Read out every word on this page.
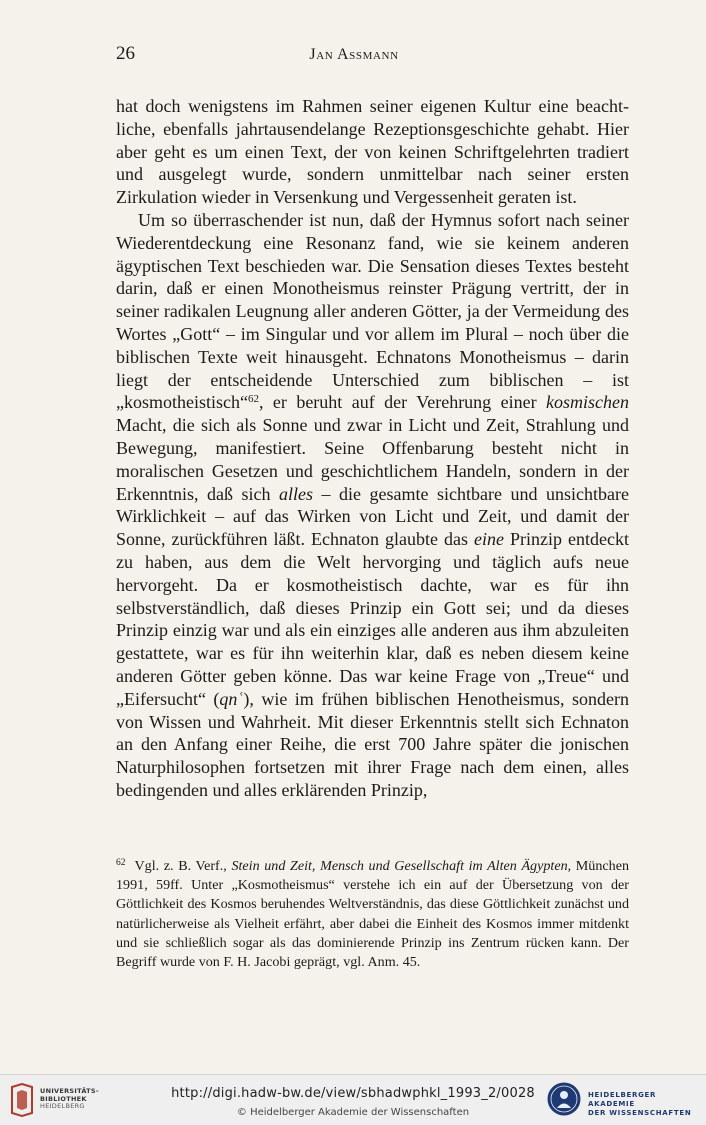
26	Jan Assmann

hat doch wenigstens im Rahmen seiner eigenen Kultur eine beachtliche, ebenfalls jahrtausendelange Rezeptionsgeschichte gehabt. Hier aber geht es um einen Text, der von keinen Schriftgelehrten tradiert und ausgelegt wurde, sondern unmittelbar nach seiner ersten Zirkulation wieder in Versenkung und Vergessenheit geraten ist.

Um so überraschender ist nun, daß der Hymnus sofort nach seiner Wiederentdeckung eine Resonanz fand, wie sie keinem anderen ägyptischen Text beschieden war. Die Sensation dieses Textes besteht darin, daß er einen Monotheismus reinster Prägung vertritt, der in seiner radikalen Leugnung aller anderen Götter, ja der Vermeidung des Wortes „Gott“ – im Singular und vor allem im Plural – noch über die biblischen Texte weit hinausgeht. Echnatons Monotheismus – darin liegt der entscheidende Unterschied zum biblischen – ist „kosmotheistisch“$^{62}$, er beruht auf der Verehrung einer kosmischen Macht, die sich als Sonne und zwar in Licht und Zeit, Strahlung und Bewegung, manifestiert. Seine Offenbarung besteht nicht in moralischen Gesetzen und geschichtlichem Handeln, sondern in der Erkenntnis, daß sich alles – die gesamte sichtbare und unsichtbare Wirklichkeit – auf das Wirken von Licht und Zeit, und damit der Sonne, zurückführen läßt. Echnaton glaubte das eine Prinzip entdeckt zu haben, aus dem die Welt hervorging und täglich aufs neue hervorgeht. Da er kosmotheistisch dachte, war es für ihn selbstverständlich, daß dieses Prinzip ein Gott sei; und da dieses Prinzip einzig war und als ein einziges alle anderen aus ihm abzuleiten gestattete, war es für ihn weiterhin klar, daß es neben diesem keine anderen Götter geben könne. Das war keine Frage von „Treue“ und „Eifersucht“ (qnʿ), wie im frühen biblischen Henotheismus, sondern von Wissen und Wahrheit. Mit dieser Erkenntnis stellt sich Echnaton an den Anfang einer Reihe, die erst 700 Jahre später die jonischen Naturphilosophen fortsetzen mit ihrer Frage nach dem einen, alles bedingenden und alles erklärenden Prinzip,

$^{62}$ Vgl. z. B. Verf., Stein und Zeit, Mensch und Gesellschaft im Alten Ägypten, München 1991, 59ff. Unter „Kosmotheismus“ verstehe ich ein auf der Übersetzung von der Göttlichkeit des Kosmos beruhendes Weltverständnis, das diese Göttlichkeit zunächst und natürlicherweise als Vielheit erfährt, aber dabei die Einheit des Kosmos immer mitdenkt und sie schließlich sogar als das dominierende Prinzip ins Zentrum rücken kann. Der Begriff wurde von F. H. Jacobi geprägt, vgl. Anm. 45.

UNIVERSITÄTS-
BIBLIOTHEK
HEIDELBERG
http://digi.hadw-bw.de/view/sbhadwphkl_1993_2/0028
© Heidelberger Akademie der Wissenschaften
HEIDELBERGER AKADEMIE
DER WISSENSCHAFTEN
